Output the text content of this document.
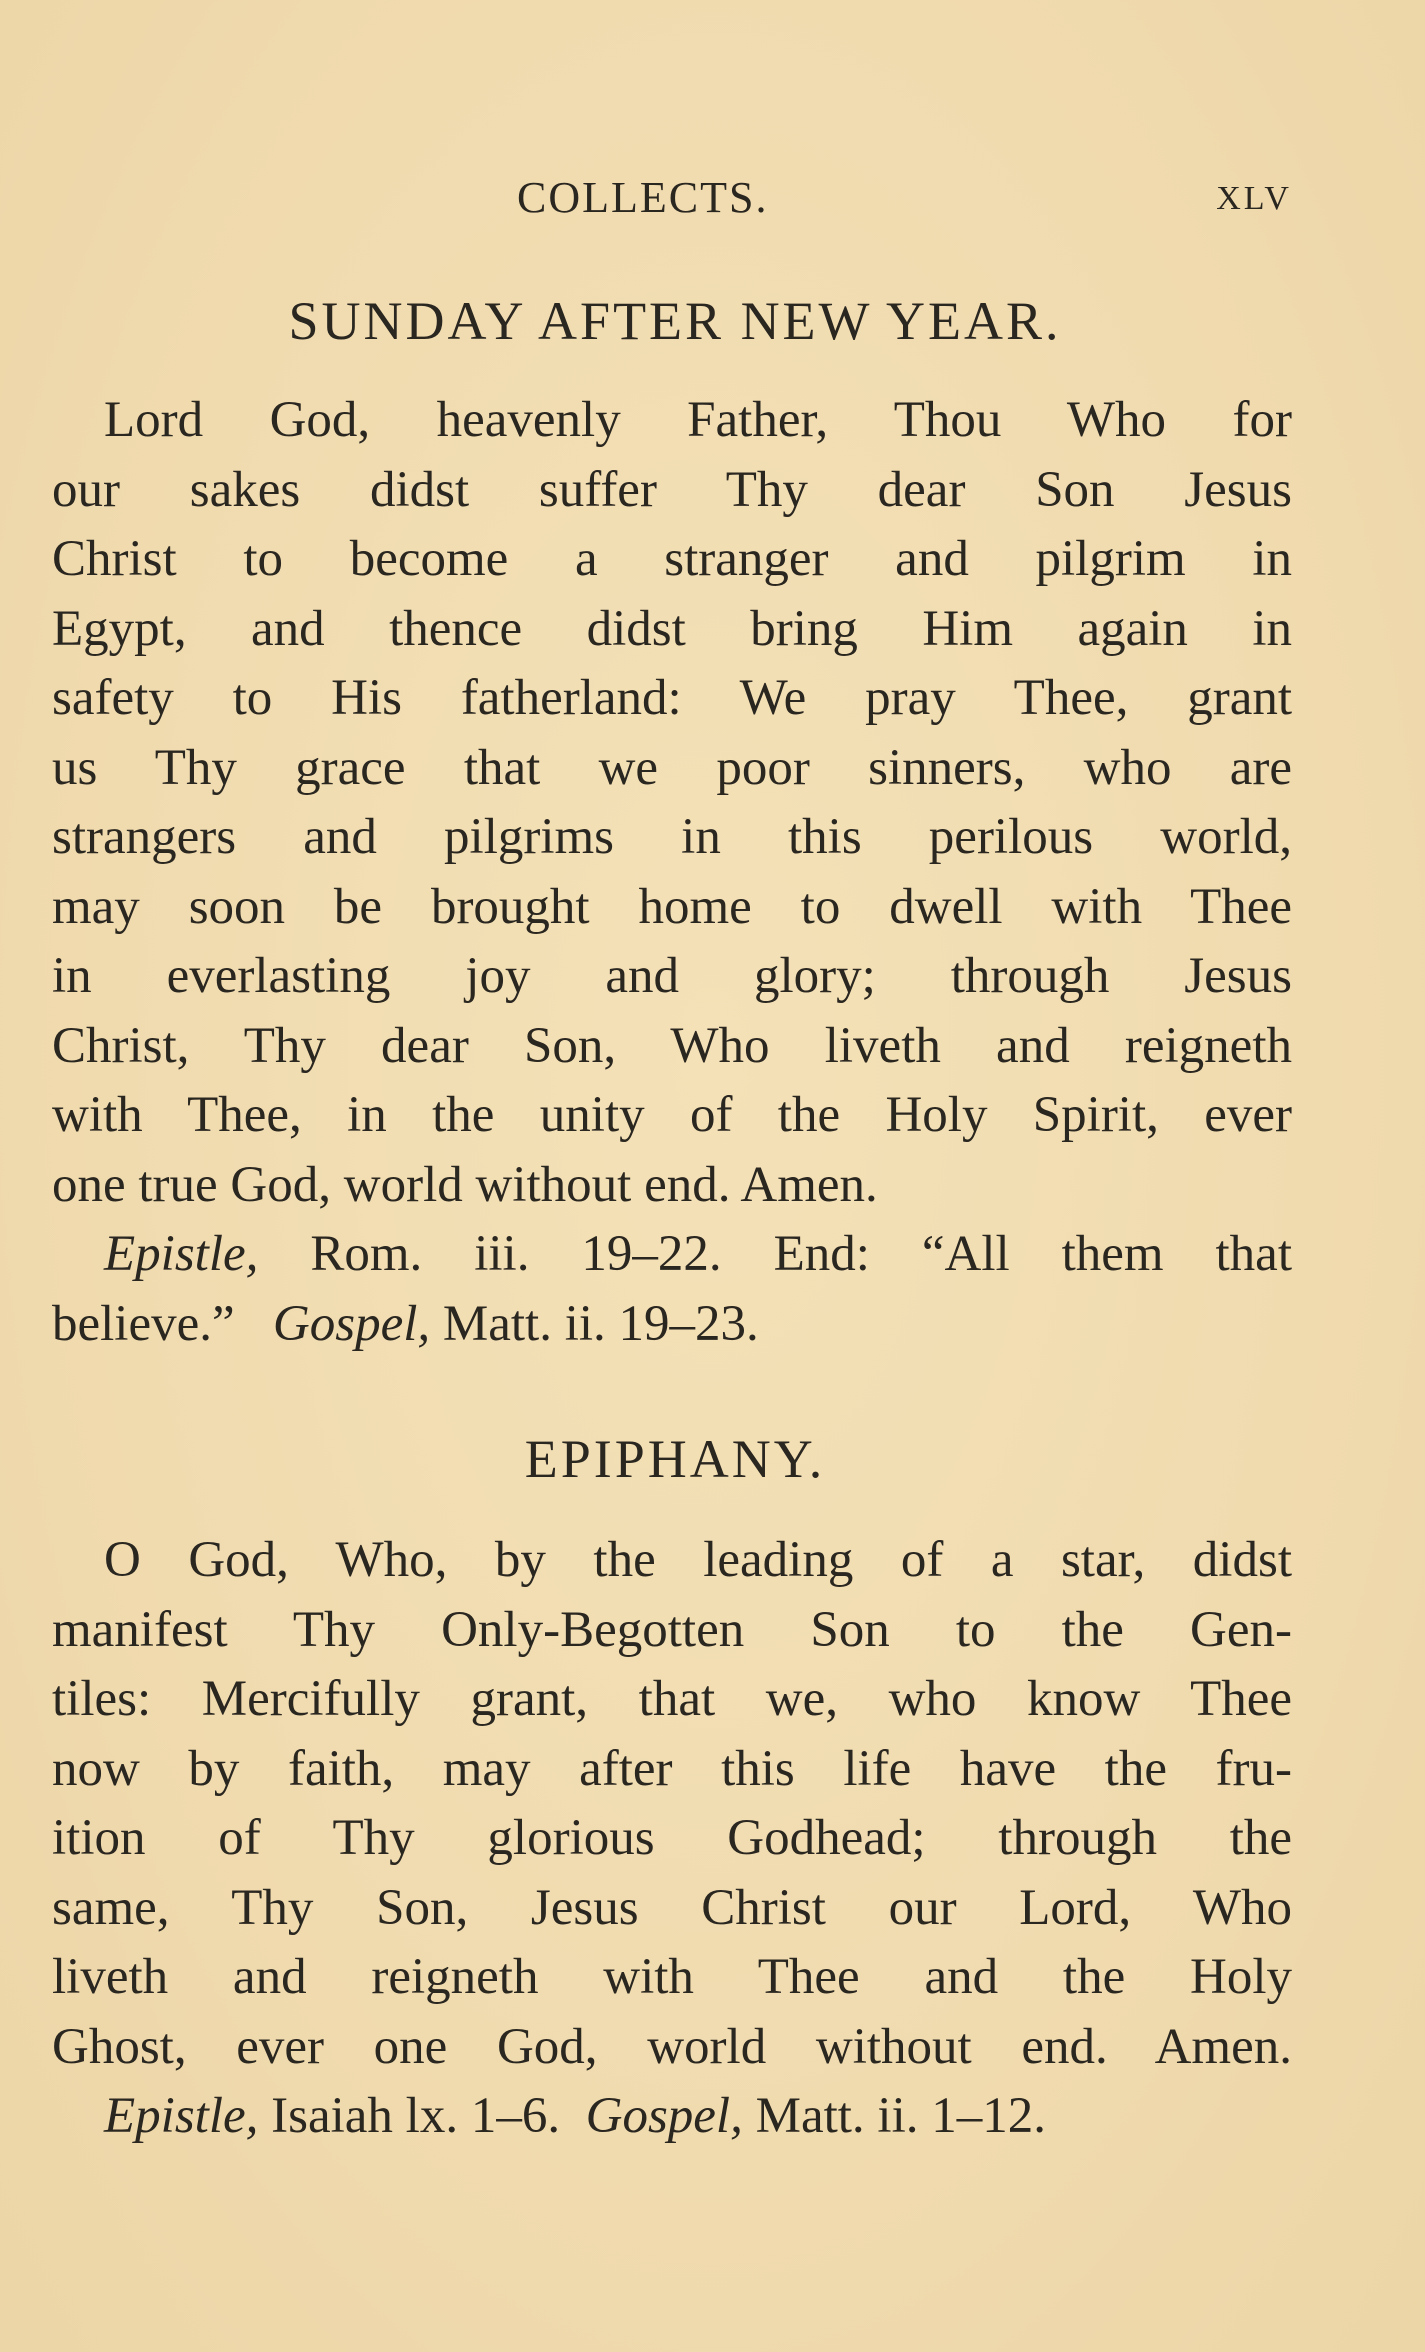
COLLECTS.	XLV
SUNDAY AFTER NEW YEAR.
Lord God, heavenly Father, Thou Who for
our sakes didst suffer Thy dear Son Jesus
Christ to become a stranger and pilgrim in
Egypt, and thence didst bring Him again in
safety to His fatherland: We pray Thee, grant
us Thy grace that we poor sinners, who are
strangers and pilgrims in this perilous world,
may soon be brought home to dwell with Thee
in everlasting joy and glory; through Jesus
Christ, Thy dear Son, Who liveth and reigneth
with Thee, in the unity of the Holy Spirit, ever
one true God, world without end. Amen.
Epistle, Rom. iii. 19–22. End: “All them that
believe.” Gospel, Matt. ii. 19–23.
EPIPHANY.
O God, Who, by the leading of a star, didst
manifest Thy Only-Begotten Son to the Gen-
tiles: Mercifully grant, that we, who know Thee
now by faith, may after this life have the fru-
ition of Thy glorious Godhead; through the
same, Thy Son, Jesus Christ our Lord, Who
liveth and reigneth with Thee and the Holy
Ghost, ever one God, world without end. Amen.
Epistle, Isaiah lx. 1–6. Gospel, Matt. ii. 1–12.
